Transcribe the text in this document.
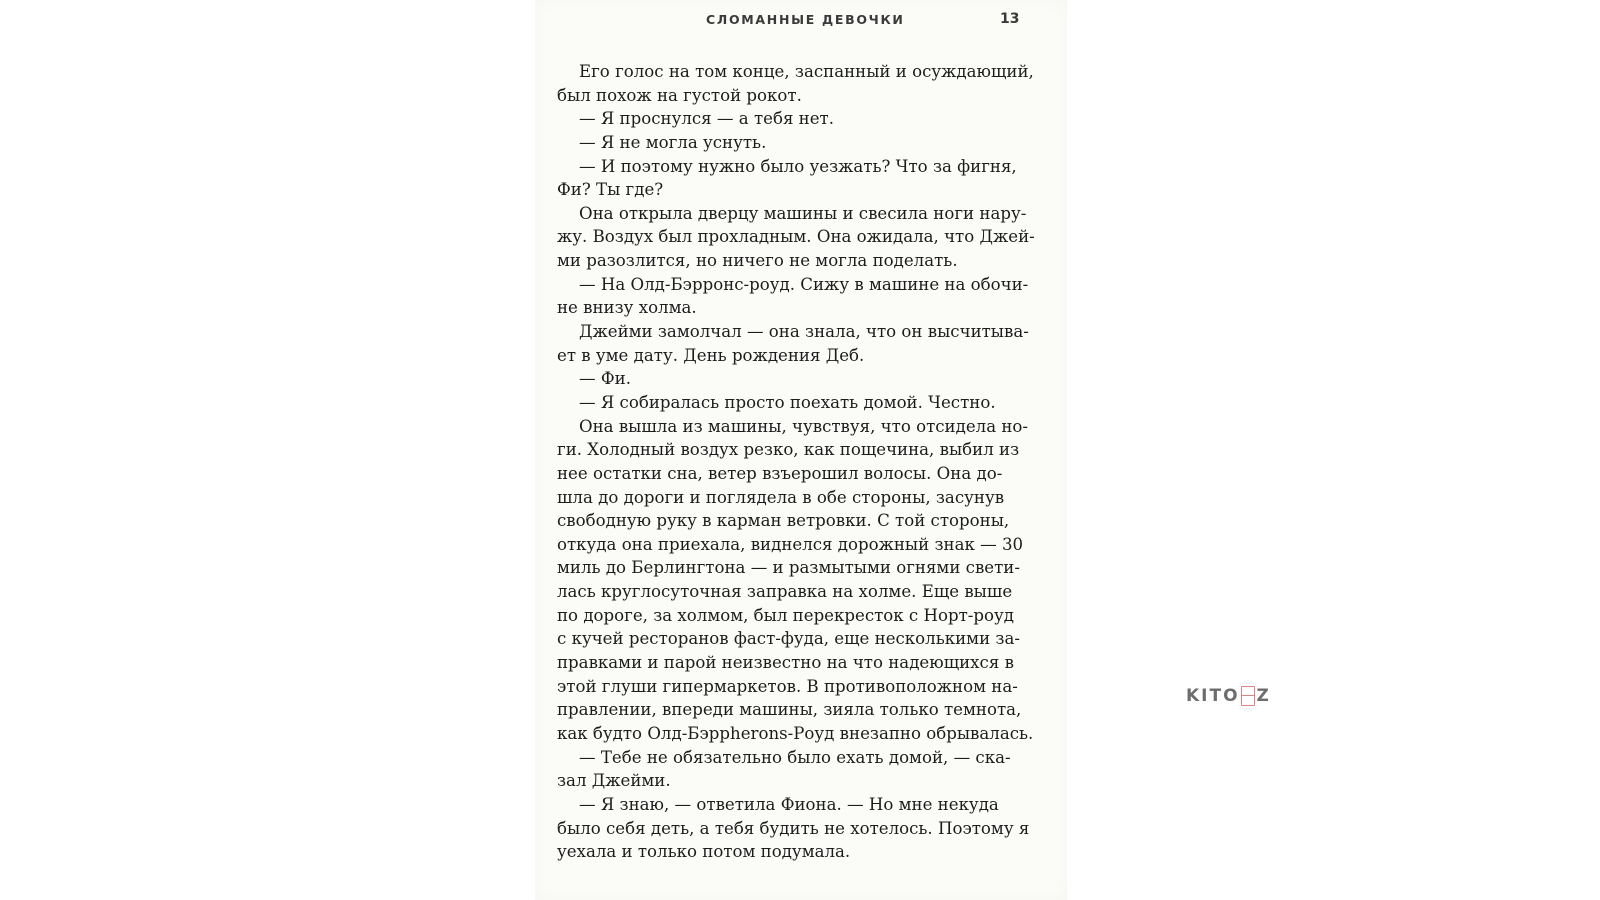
СЛОМАННЫЕ ДЕВОЧКИ	13
Его голос на том конце, заспанный и осуждающий,
был похож на густой рокот.
— Я проснулся — а тебя нет.
— Я не могла уснуть.
— И поэтому нужно было уезжать? Что за фигня,
Фи? Ты где?
Она открыла дверцу машины и свесила ноги нару-
жу. Воздух был прохладным. Она ожидала, что Джей-
ми разозлится, но ничего не могла поделать.
— На Олд-Бэрронс-роуд. Сижу в машине на обочи-
не внизу холма.
Джейми замолчал — она знала, что он высчитыва-
ет в уме дату. День рождения Деб.
— Фи.
— Я собиралась просто поехать домой. Честно.
Она вышла из машины, чувствуя, что отсидела но-
ги. Холодный воздух резко, как пощечина, выбил из
нее остатки сна, ветер взъерошил волосы. Она до-
шла до дороги и поглядела в обе стороны, засунув
свободную руку в карман ветровки. С той стороны,
откуда она приехала, виднелся дорожный знак — 30
миль до Берлингтона — и размытыми огнями свети-
лась круглосуточная заправка на холме. Еще выше
по дороге, за холмом, был перекресток с Норт-роуд
с кучей ресторанов фаст-фуда, еще несколькими за-
правками и парой неизвестно на что надеющихся в
этой глуши гипермаркетов. В противоположном на-
правлении, впереди машины, зияла только темнота,
как будто Олд-Бэррherons-Роуд внезапно обрывалась.
— Тебе не обязательно было ехать домой, — ска-
зал Джейми.
— Я знаю, — ответила Фиона. — Но мне некуда
было себя деть, а тебя будить не хотелось. Поэтому я
уехала и только потом подумала.
KITO Z
